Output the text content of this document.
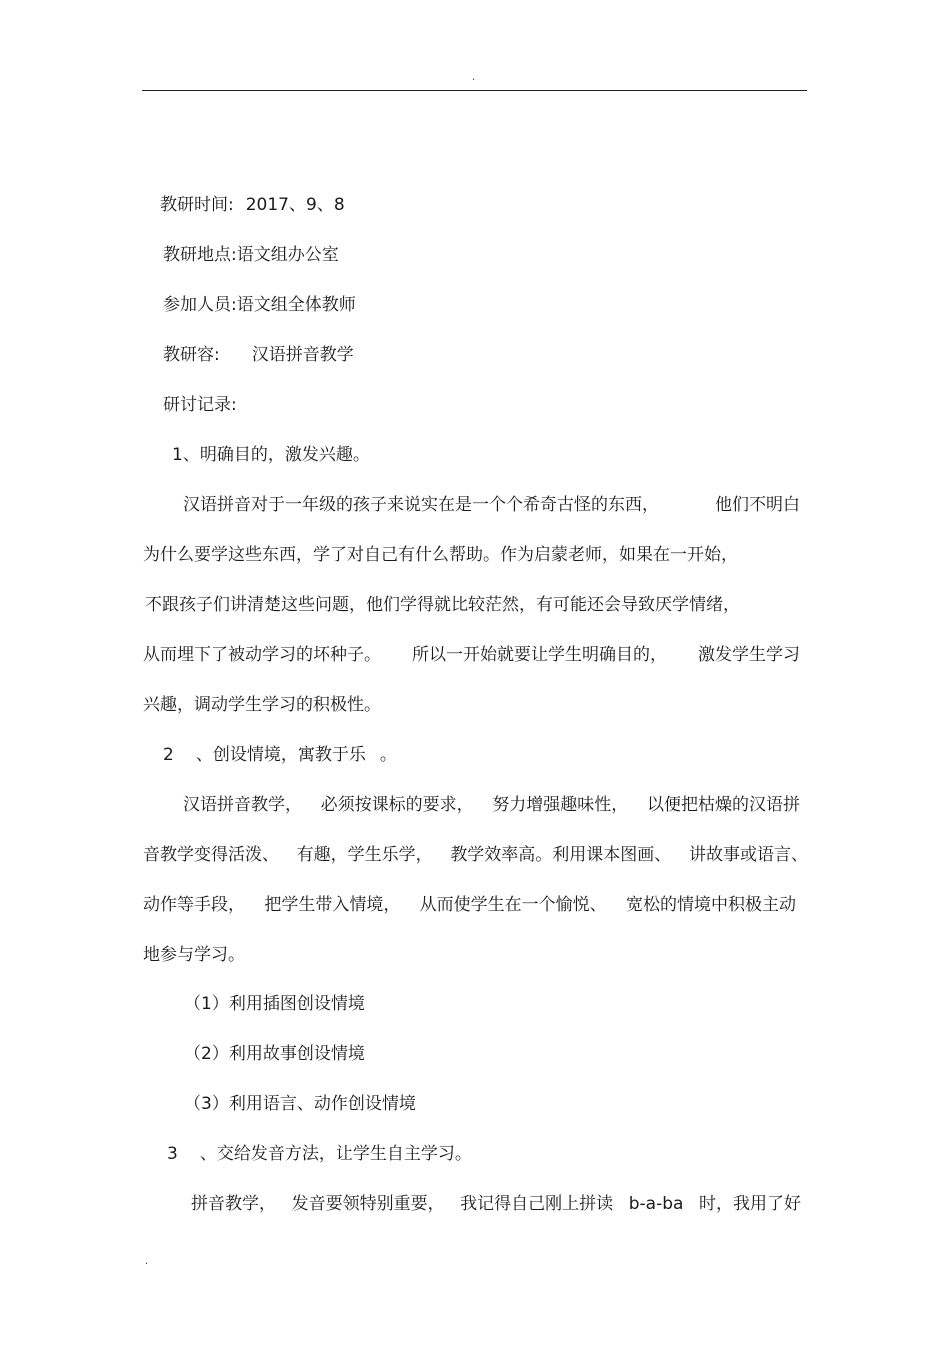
.
教研时间: 2017、9、8
教研地点:语文组办公室
参加人员:语文组全体教师
教研容: 汉语拼音教学
研讨记录:
1、明确目的，激发兴趣。
汉语拼音对于一年级的孩子来说实在是一个个希奇古怪的东西，	他们不明白
为什么要学这些东西，学了对自己有什么帮助。作为启蒙老师，如果在一开始，
不跟孩子们讲清楚这些问题，他们学得就比较茫然，有可能还会导致厌学情绪，
从而埋下了被动学习的坏种子。 所以一开始就要让学生明确目的， 激发学生学习
兴趣，调动学生学习的积极性。
2 、创设情境，寓教于乐 。
汉语拼音教学， 必须按课标的要求， 努力增强趣味性， 以便把枯燥的汉语拼
音教学变得活泼、 有趣，学生乐学， 教学效率高。利用课本图画、 讲故事或语言、
动作等手段， 把学生带入情境， 从而使学生在一个愉悦、 宽松的情境中积极主动
地参与学习。
（1）利用插图创设情境
（2）利用故事创设情境
（3）利用语言、动作创设情境
3 、交给发音方法，让学生自主学习。
拼音教学， 发音要领特别重要， 我记得自己刚上拼读 b-a-ba 时，我用了好
.
